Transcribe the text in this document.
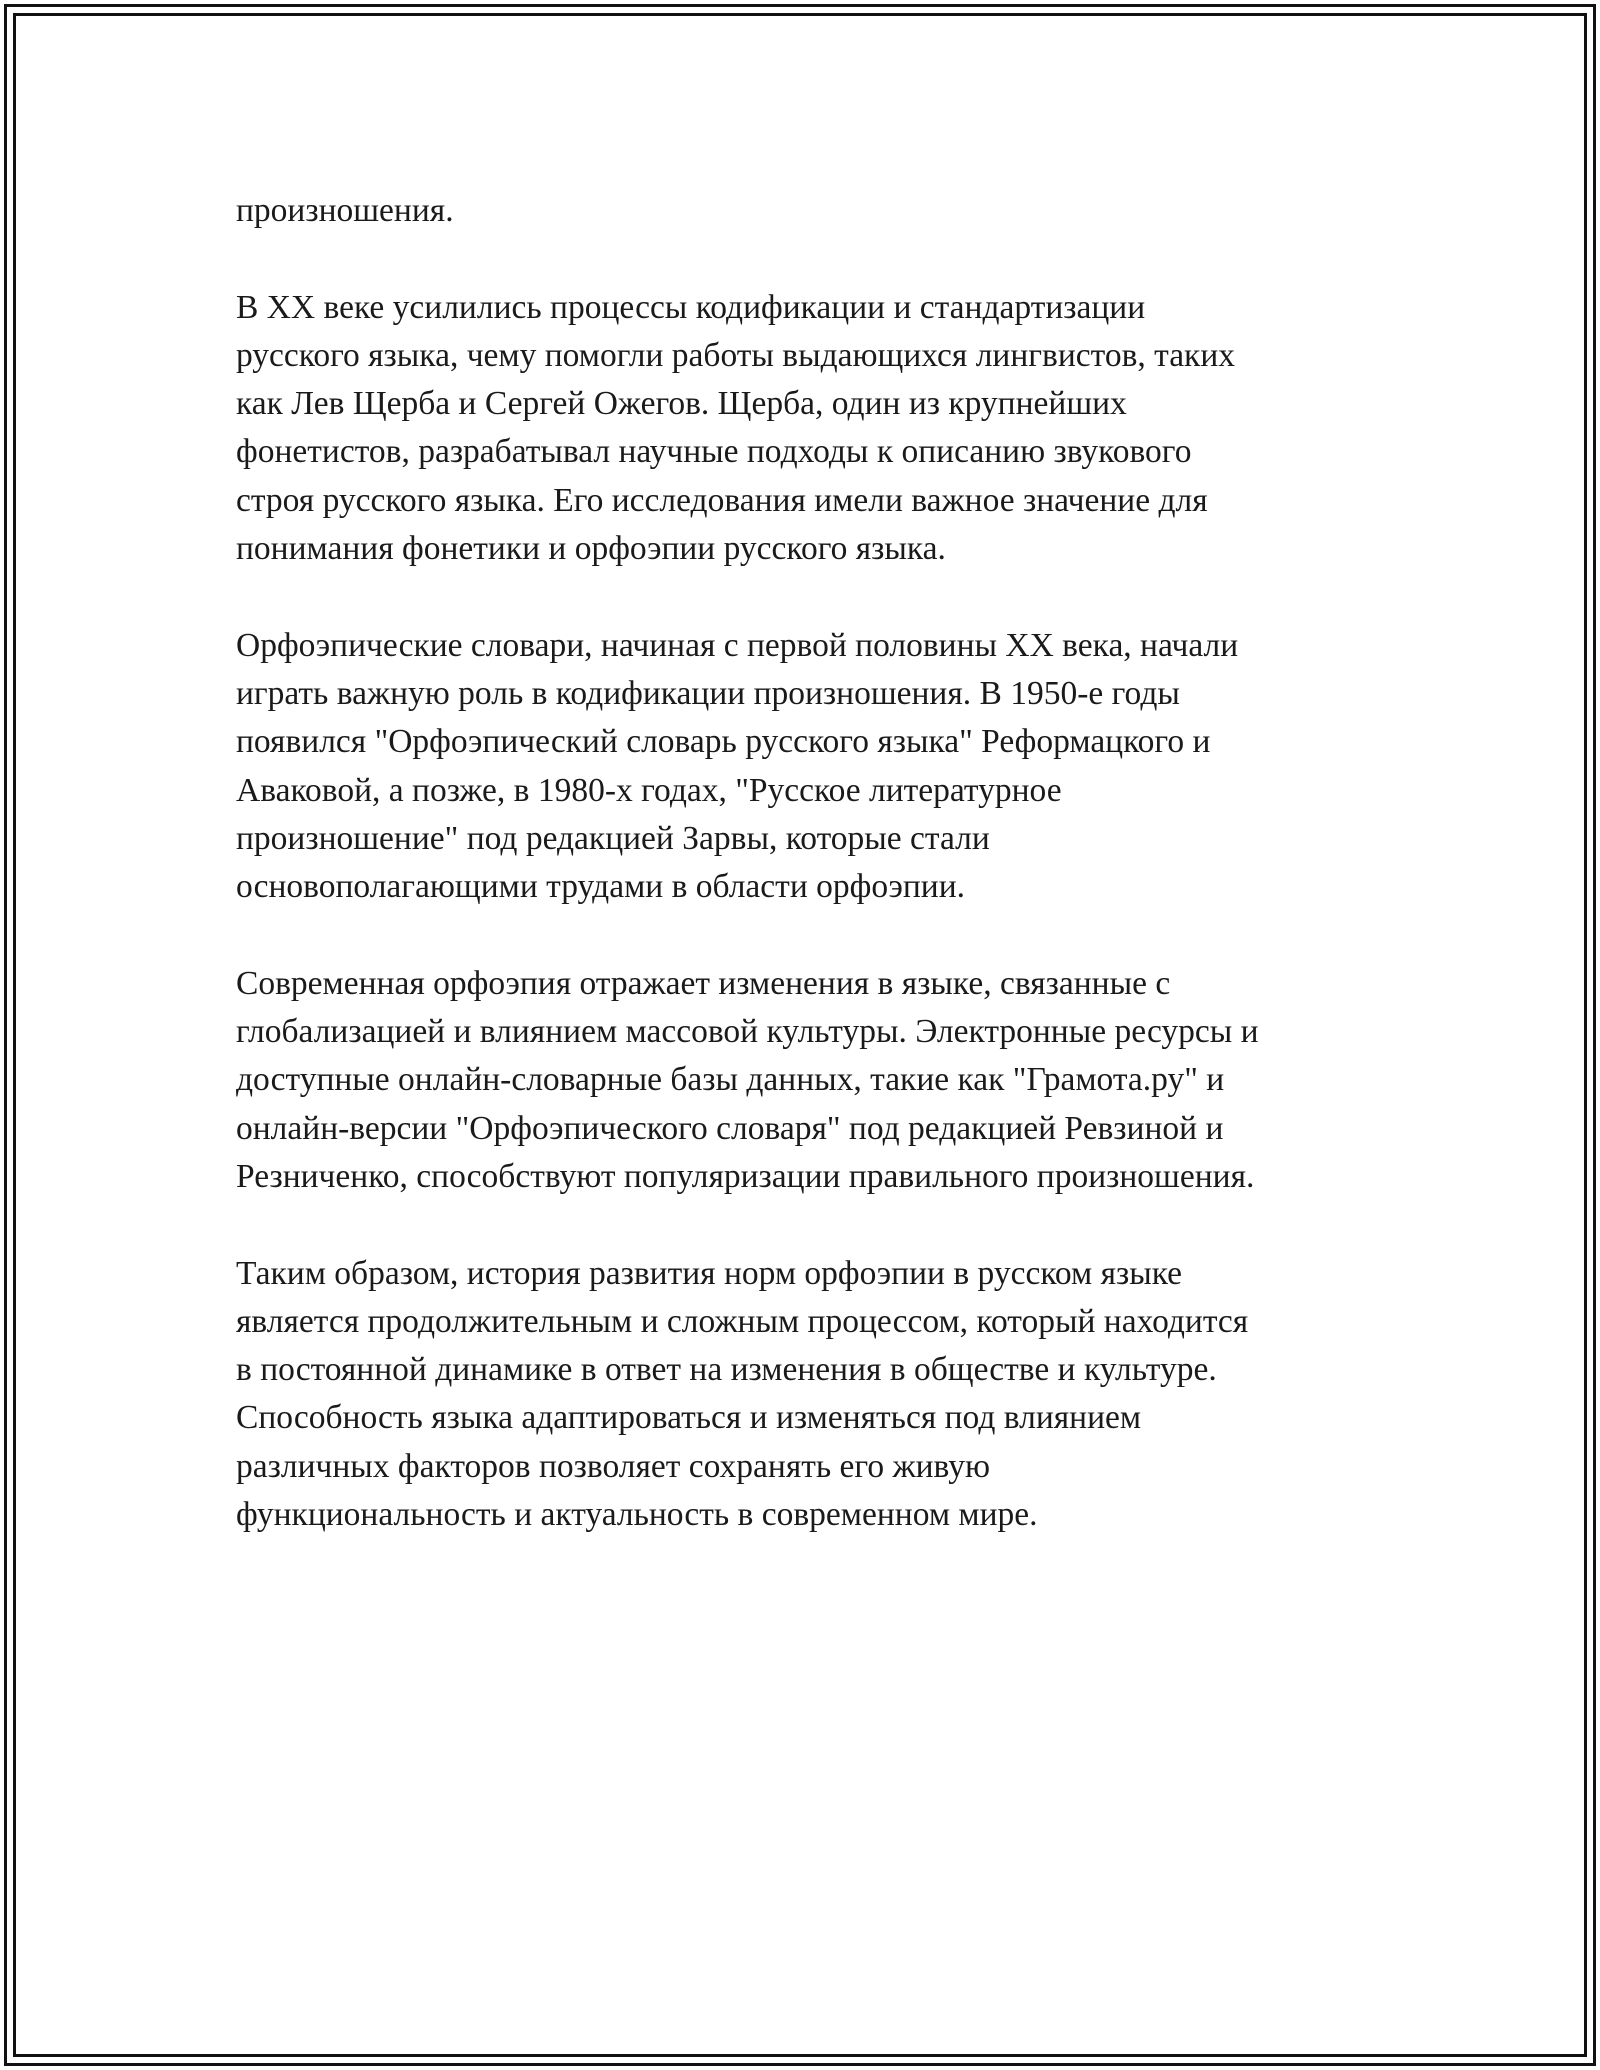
произношения.

В XX веке усилились процессы кодификации и стандартизации
русского языка, чему помогли работы выдающихся лингвистов, таких
как Лев Щерба и Сергей Ожегов. Щерба, один из крупнейших
фонетистов, разрабатывал научные подходы к описанию звукового
строя русского языка. Его исследования имели важное значение для
понимания фонетики и орфоэпии русского языка.

Орфоэпические словари, начиная с первой половины XX века, начали
играть важную роль в кодификации произношения. В 1950-е годы
появился "Орфоэпический словарь русского языка" Реформацкого и
Аваковой, а позже, в 1980-х годах, "Русское литературное
произношение" под редакцией Зарвы, которые стали
основополагающими трудами в области орфоэпии.

Современная орфоэпия отражает изменения в языке, связанные с
глобализацией и влиянием массовой культуры. Электронные ресурсы и
доступные онлайн-словарные базы данных, такие как "Грамота.ру" и
онлайн-версии "Орфоэпического словаря" под редакцией Ревзиной и
Резниченко, способствуют популяризации правильного произношения.

Таким образом, история развития норм орфоэпии в русском языке
является продолжительным и сложным процессом, который находится
в постоянной динамике в ответ на изменения в обществе и культуре.
Способность языка адаптироваться и изменяться под влиянием
различных факторов позволяет сохранять его живую
функциональность и актуальность в современном мире.
